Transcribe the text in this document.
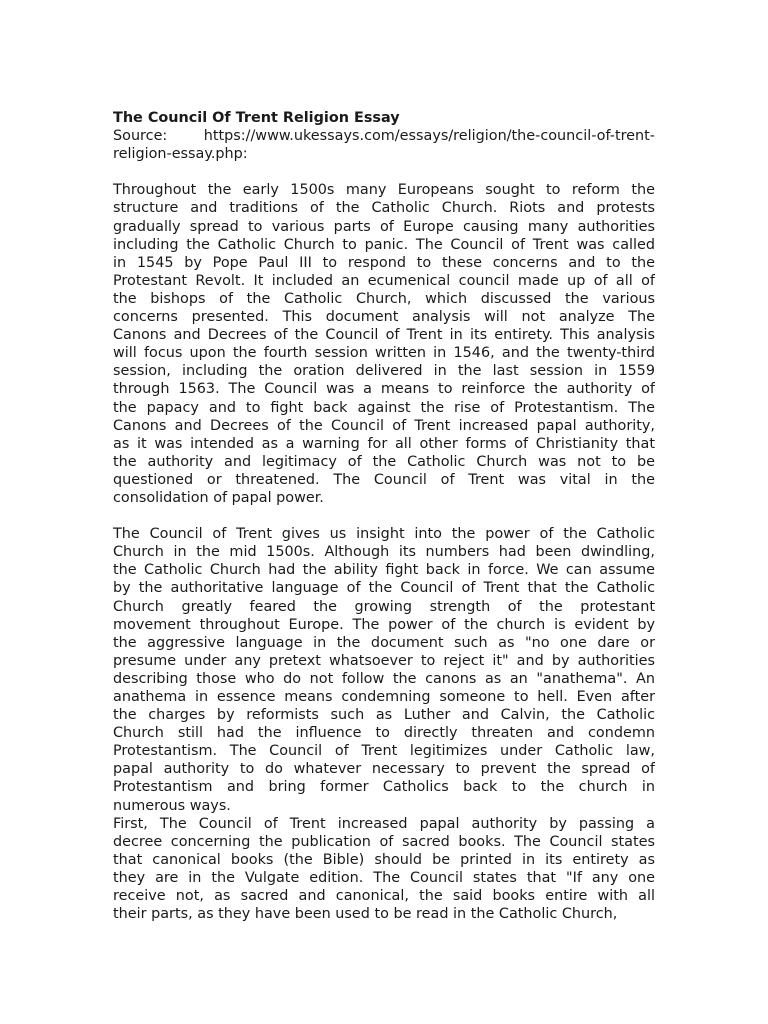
The Council Of Trent Religion Essay
Source: https://www.ukessays.com/essays/religion/the-council-of-trent-
religion-essay.php:
Throughout the early 1500s many Europeans sought to reform the
structure and traditions of the Catholic Church. Riots and protests
gradually spread to various parts of Europe causing many authorities
including the Catholic Church to panic. The Council of Trent was called
in 1545 by Pope Paul III to respond to these concerns and to the
Protestant Revolt. It included an ecumenical council made up of all of
the bishops of the Catholic Church, which discussed the various
concerns presented. This document analysis will not analyze The
Canons and Decrees of the Council of Trent in its entirety. This analysis
will focus upon the fourth session written in 1546, and the twenty-third
session, including the oration delivered in the last session in 1559
through 1563. The Council was a means to reinforce the authority of
the papacy and to fight back against the rise of Protestantism. The
Canons and Decrees of the Council of Trent increased papal authority,
as it was intended as a warning for all other forms of Christianity that
the authority and legitimacy of the Catholic Church was not to be
questioned or threatened. The Council of Trent was vital in the
consolidation of papal power.
The Council of Trent gives us insight into the power of the Catholic
Church in the mid 1500s. Although its numbers had been dwindling,
the Catholic Church had the ability fight back in force. We can assume
by the authoritative language of the Council of Trent that the Catholic
Church greatly feared the growing strength of the protestant
movement throughout Europe. The power of the church is evident by
the aggressive language in the document such as "no one dare or
presume under any pretext whatsoever to reject it" and by authorities
describing those who do not follow the canons as an "anathema". An
anathema in essence means condemning someone to hell. Even after
the charges by reformists such as Luther and Calvin, the Catholic
Church still had the influence to directly threaten and condemn
Protestantism. The Council of Trent legitimizes under Catholic law,
papal authority to do whatever necessary to prevent the spread of
Protestantism and bring former Catholics back to the church in
numerous ways.
First, The Council of Trent increased papal authority by passing a
decree concerning the publication of sacred books. The Council states
that canonical books (the Bible) should be printed in its entirety as
they are in the Vulgate edition. The Council states that "If any one
receive not, as sacred and canonical, the said books entire with all
their parts, as they have been used to be read in the Catholic Church,
